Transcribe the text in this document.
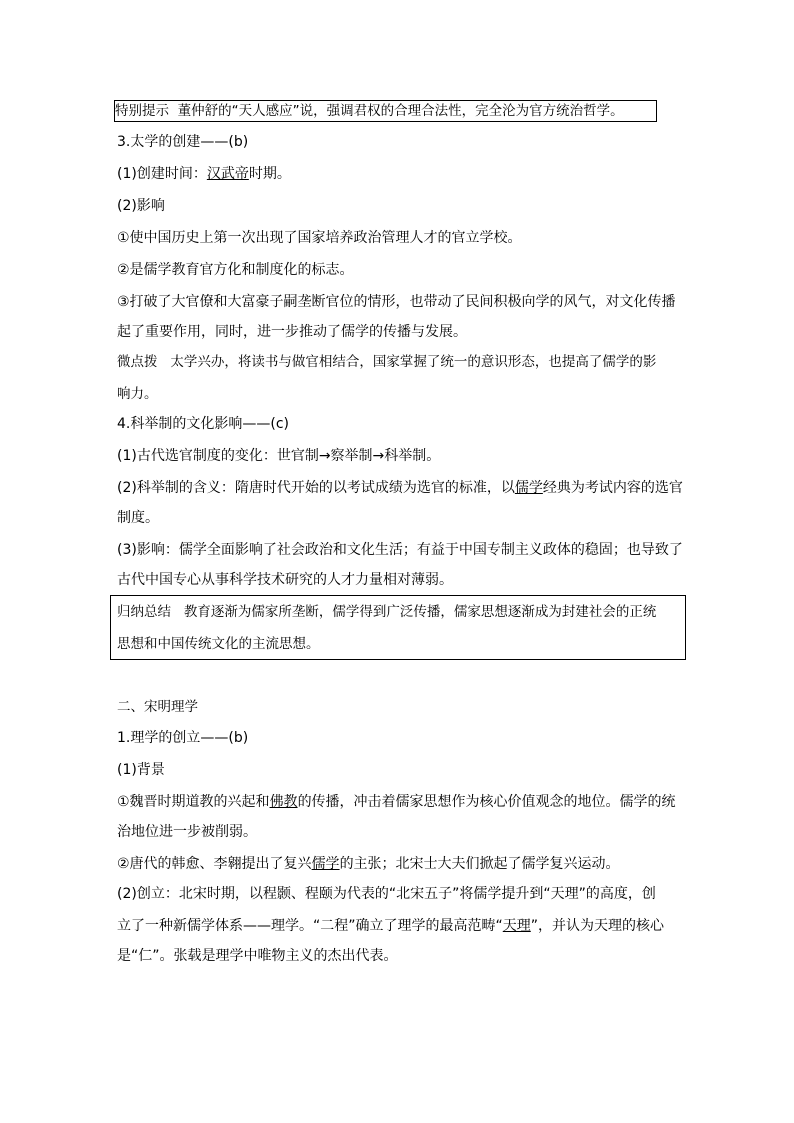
特别提示 董仲舒的“天人感应”说，强调君权的合理合法性，完全沦为官方统治哲学。
3.太学的创建——(b)
(1)创建时间：汉武帝时期。
(2)影响
①使中国历史上第一次出现了国家培养政治管理人才的官立学校。
②是儒学教育官方化和制度化的标志。
③打破了大官僚和大富豪子嗣垄断官位的情形，也带动了民间积极向学的风气，对文化传播
起了重要作用，同时，进一步推动了儒学的传播与发展。
微点拨 太学兴办，将读书与做官相结合，国家掌握了统一的意识形态，也提高了儒学的影
响力。
4.科举制的文化影响——(c)
(1)古代选官制度的变化：世官制→察举制→科举制。
(2)科举制的含义：隋唐时代开始的以考试成绩为选官的标准，以儒学经典为考试内容的选官
制度。
(3)影响：儒学全面影响了社会政治和文化生活；有益于中国专制主义政体的稳固；也导致了
古代中国专心从事科学技术研究的人才力量相对薄弱。
归纳总结 教育逐渐为儒家所垄断，儒学得到广泛传播，儒家思想逐渐成为封建社会的正统
思想和中国传统文化的主流思想。
二、宋明理学
1.理学的创立——(b)
(1)背景
①魏晋时期道教的兴起和佛教的传播，冲击着儒家思想作为核心价值观念的地位。儒学的统
治地位进一步被削弱。
②唐代的韩愈、李翱提出了复兴儒学的主张；北宋士大夫们掀起了儒学复兴运动。
(2)创立：北宋时期，以程颢、程颐为代表的“北宋五子”将儒学提升到“天理”的高度，创
立了一种新儒学体系——理学。“二程”确立了理学的最高范畴“天理”，并认为天理的核心
是“仁”。张载是理学中唯物主义的杰出代表。
